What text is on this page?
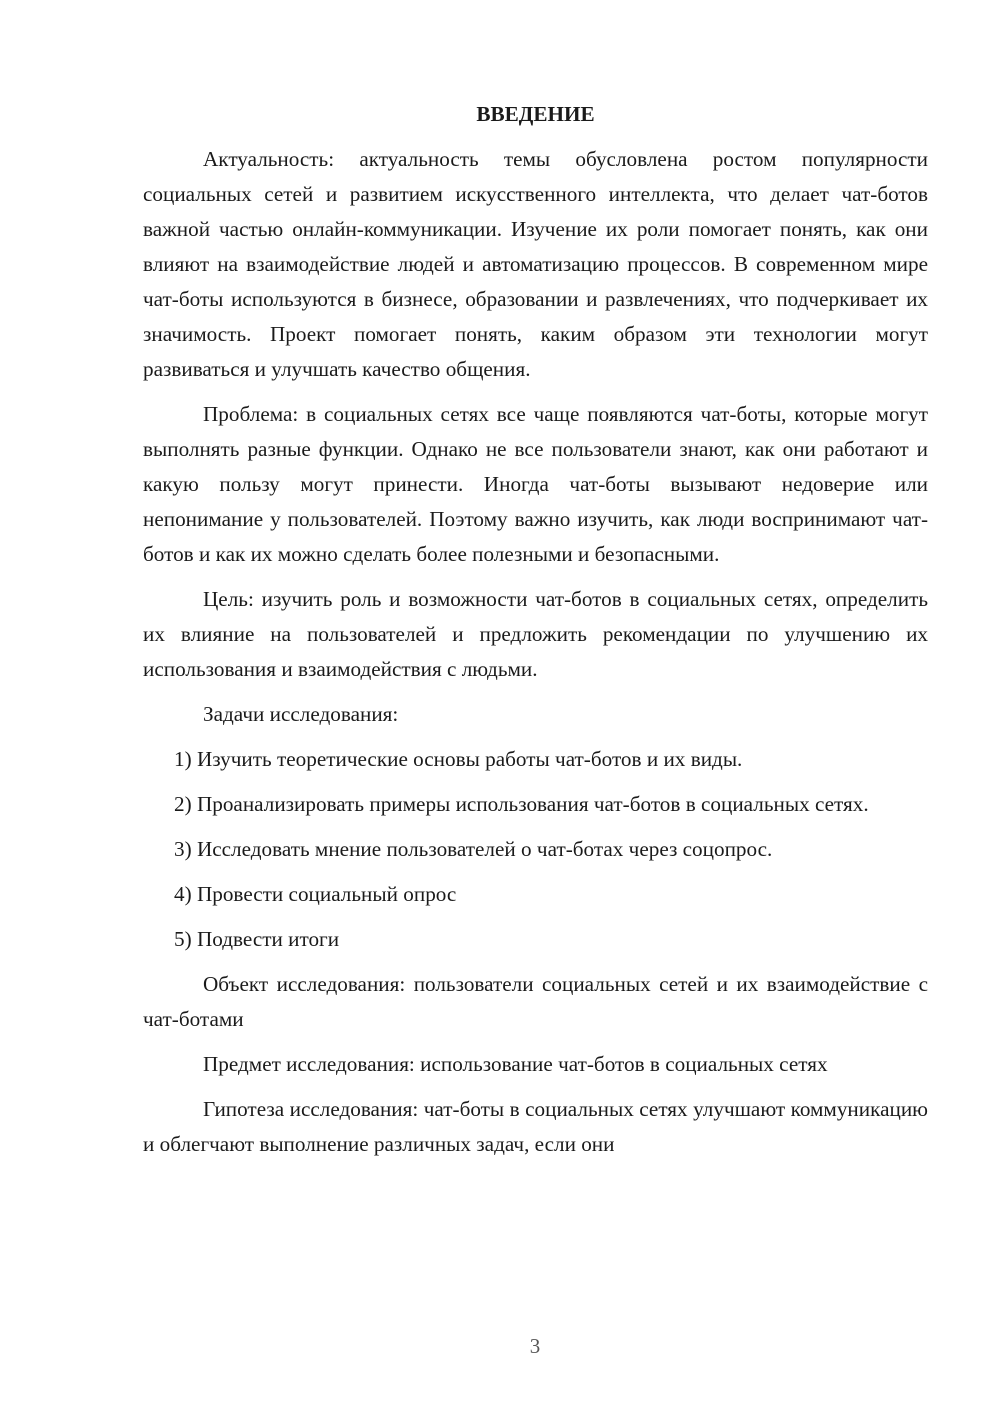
ВВЕДЕНИЕ

Актуальность: актуальность темы обусловлена ростом популярности социальных сетей и развитием искусственного интеллекта, что делает чат-ботов важной частью онлайн-коммуникации. Изучение их роли помогает понять, как они влияют на взаимодействие людей и автоматизацию процессов. В современном мире чат-боты используются в бизнесе, образовании и развлечениях, что подчеркивает их значимость. Проект помогает понять, каким образом эти технологии могут развиваться и улучшать качество общения.

Проблема: в социальных сетях все чаще появляются чат-боты, которые могут выполнять разные функции. Однако не все пользователи знают, как они работают и какую пользу могут принести. Иногда чат-боты вызывают недоверие или непонимание у пользователей. Поэтому важно изучить, как люди воспринимают чат-ботов и как их можно сделать более полезными и безопасными.

Цель: изучить роль и возможности чат-ботов в социальных сетях, определить их влияние на пользователей и предложить рекомендации по улучшению их использования и взаимодействия с людьми.

Задачи исследования:

1) Изучить теоретические основы работы чат-ботов и их виды.

2) Проанализировать примеры использования чат-ботов в социальных сетях.

3) Исследовать мнение пользователей о чат-ботах через соцопрос.

4) Провести социальный опрос

5) Подвести итоги

Объект исследования: пользователи социальных сетей и их взаимодействие с чат-ботами

Предмет исследования: использование чат-ботов в социальных сетях

Гипотеза исследования: чат-боты в социальных сетях улучшают коммуникацию и облегчают выполнение различных задач, если они

3
